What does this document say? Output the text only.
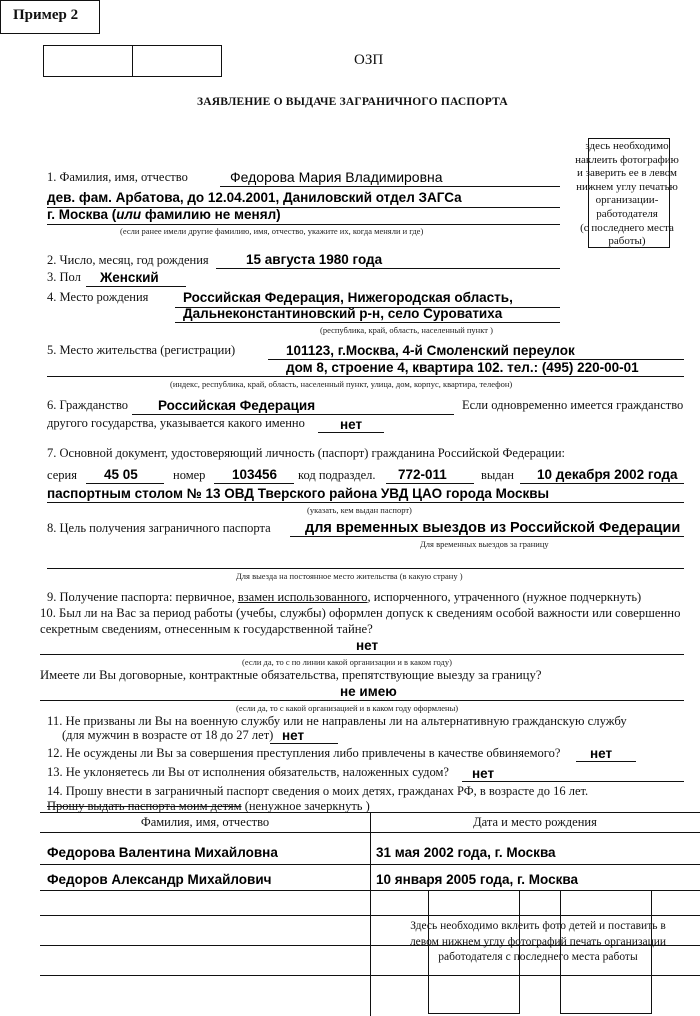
Пример 2
ОЗП
ЗАЯВЛЕНИЕ О ВЫДАЧЕ ЗАГРАНИЧНОГО ПАСПОРТА
здесь необходимо
наклеить фотографию
и заверить ее в левом
нижнем углу печатью
организации-
работодателя
(с последнего места
работы)
1. Фамилия, имя, отчество	Федорова Мария Владимировна
дев. фам. Арбатова, до 12.04.2001, Даниловский отдел ЗАГСа
г. Москва (или фамилию не менял)
(если ранее имели другие фамилию, имя, отчество, укажите их, когда меняли и где)
2. Число, месяц, год рождения	15 августа 1980 года
3. Пол Женский
4. Место рождения	Российская Федерация, Нижегородская область,
Дальнеконстантиновский р-н, село Суроватиха
(республика, край, область, населенный пункт )
5. Место жительства (регистрации)	101123, г.Москва, 4-й Смоленский переулок
дом 8, строение 4, квартира 102. тел.: (495) 220-00-01
(индекс, республика, край, область, населенный пункт, улица, дом, корпус, квартира, телефон)
6. Гражданство Российская Федерация	Если одновременно имеется гражданство
другого государства, указывается какого именно	нет
7. Основной документ, удостоверяющий личность (паспорт) гражданина Российской Федерации:
серия 45 05	номер 103456 код подраздел. 772-011	выдан 10 декабря 2002 года
паспортным столом № 13 ОВД Тверского района УВД ЦАО города Москвы
(указать, кем выдан паспорт)
8. Цель получения заграничного паспорта для временных выездов из Российской Федерации
Для временных выездов за границу
Для выезда на постоянное место жительства (в какую страну )
9. Получение паспорта: первичное, взамен использованного, испорченного, утраченного (нужное подчеркнуть)
10. Был ли на Вас за период работы (учебы, службы) оформлен допуск к сведениям особой важности или совершенно
секретным сведениям, отнесенным к государственной тайне?
нет
(если да, то с по линии какой организации и в каком году)
Имеете ли Вы договорные, контрактные обязательства, препятствующие выезду за границу?
не имею
(если да, то с какой организацией и в каком году оформлены)
11. Не призваны ли Вы на военную службу или не направлены ли на альтернативную гражданскую службу
(для мужчин в возрасте от 18 до 27 лет) нет
12. Не осуждены ли Вы за совершения преступления либо привлечены в качестве обвиняемого? нет
13. Не уклоняетесь ли Вы от исполнения обязательств, наложенных судом? нет
14. Прошу внести в заграничный паспорт сведения о моих детях, гражданах РФ, в возрасте до 16 лет.
Прошу выдать паспорта моим детям (ненужное зачеркнуть )
Фамилия, имя, отчество	Дата и место рождения
Федорова Валентина Михайловна	31 мая 2002 года, г. Москва
Федоров Александр Михайлович	10 января 2005 года, г. Москва
Здесь необходимо вклеить фото детей и поставить в
левом нижнем углу фотографий печать организации
работодателя с последнего места работы
